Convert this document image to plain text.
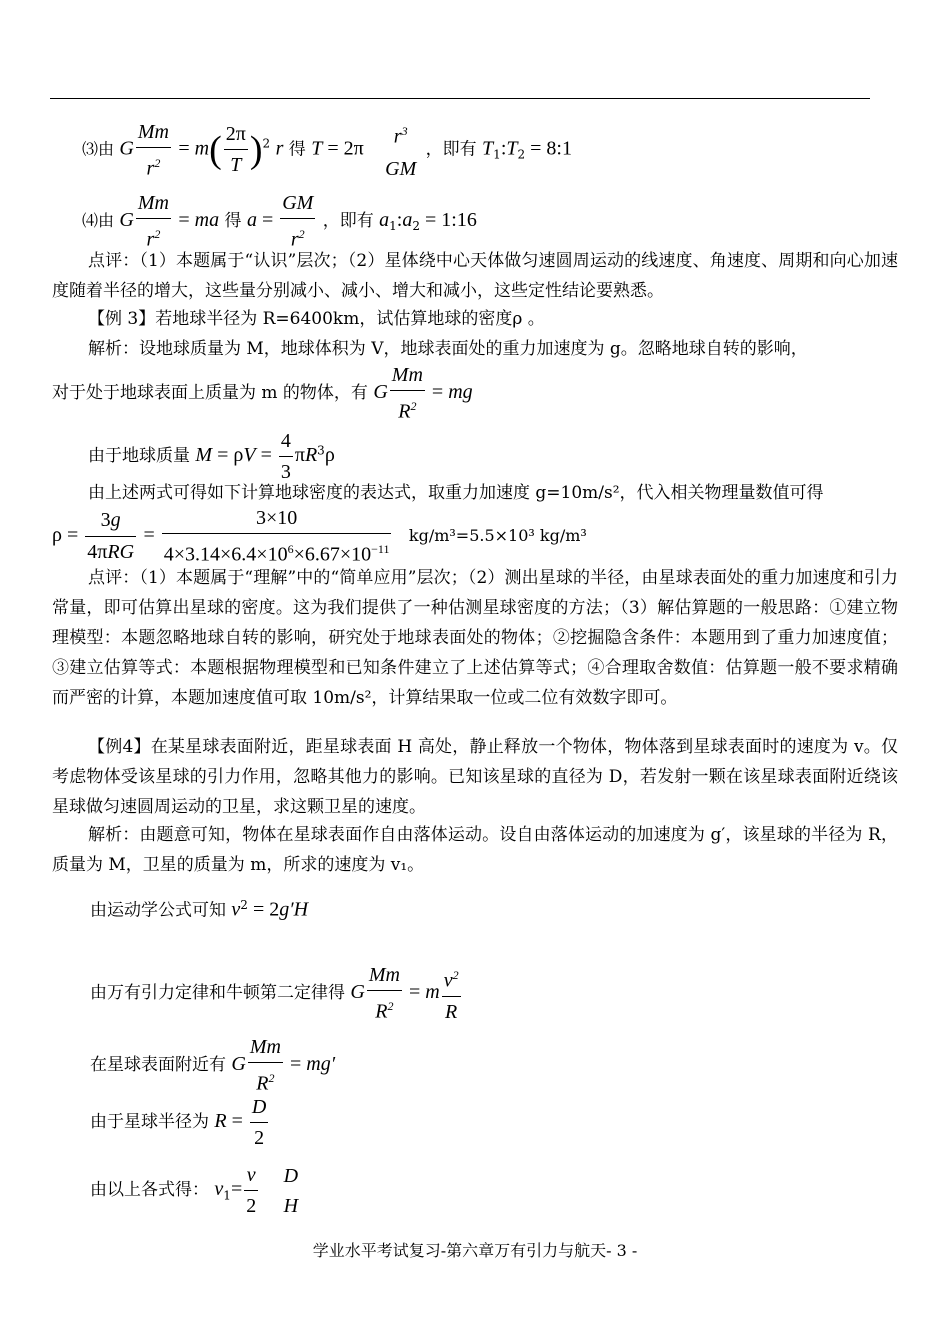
⑶由 G $\frac{Mm}{r^2} = m( \frac{2\pi}{T} )^2$ r 得 T = 2π
$r^3$
GM
，即有 $T_1:T_2$ = 8:1
⑷由 G $\frac{Mm}{r^2}$ = ma 得 $a = \frac{GM}{r^2}$ ，即有 $a_1:a_2$ = 1:16
点评：（1）本题属于“认识”层次；（2）星体绕中心天体做匀速圆周运动的线速度、角速度、周期和向心加速度随着半径的增大，这些量分别减小、减小、增大和减小，这些定性结论要熟悉。
【例 3】若地球半径为 R=6400km，试估算地球的密度ρ 。
解析：设地球质量为 M，地球体积为 V，地球表面处的重力加速度为 g。忽略地球自转的影响，
对于处于地球表面上质量为 m 的物体，有 G $\frac{Mm}{R^2}$ = mg
由于地球质量 $M = \rho V = \frac{4}{3} \pi R^3\rho$
由上述两式可得如下计算地球密度的表达式，取重力加速度 g=10m/s²，代入相关物理量数值可得
$\rho = \frac{3g}{\text{4πRG}} = \frac{3\times 10}{4\times 3.14\times 6.4\times 10^6\times 6.67\times 10^{-11}} kg/m^3=5.5\times 10^3$ kg/m³
点评：（1）本题属于“理解”中的“简单应用”层次；（2）测出星球的半径，由星球表面处的重力加速度和引力常量，即可估算出星球的密度。这为我们提供了一种估测星球密度的方法；（3）解估算题的一般思路：①建立物理模型：本题忽略地球自转的影响，研究处于地球表面处的物体；②挖掘隐含条件：本题用到了重力加速度值；③建立估算等式：本题根据物理模型和已知条件建立了上述估算等式；④合理取舍数值：估算题一般不要求精确而严密的计算，本题加速度值可取 10m/s²，计算结果取一位或二位有效数字即可。
【例4】在某星球表面附近，距星球表面 H 高处，静止释放一个物体，物体落到星球表面时的速度为 v。仅考虑物体受该星球的引力作用，忽略其他力的影响。已知该星球的直径为 D，若发射一颗在该星球表面附近绕该星球做匀速圆周运动的卫星，求这颗卫星的速度。
解析：由题意可知，物体在星球表面作自由落体运动。设自由落体运动的加速度为 g′，该星球的半径为 R，质量为 M，卫星的质量为 m，所求的速度为 v₁。
由运动学公式可知 $v^2 = 2g'H$
由万有引力定律和牛顿第二定律得 G $\frac{Mm}{R^2} = m \frac{v^2}{R}$
在星球表面附近有 G $\frac{Mm}{R^2} = mg'$
由于星球半径为 $R = \frac{D}{2}$
由以上各式得： $v_1= \frac{v}{2}$
D
H
学业水平考试复习-第六章万有引力与航天- 3 -
